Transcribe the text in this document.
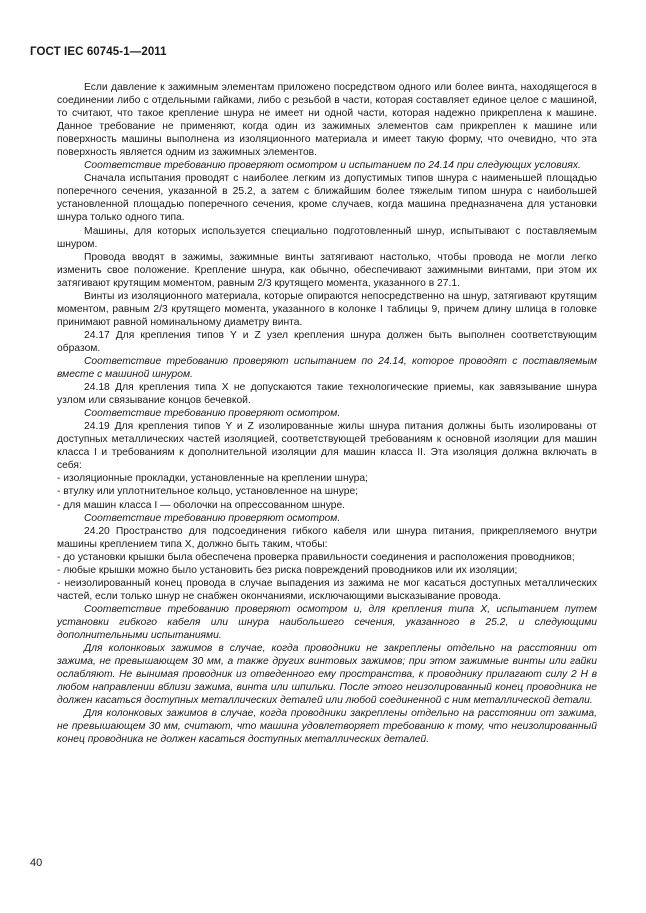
ГОСТ IEC 60745-1—2011

Если давление к зажимным элементам приложено посредством одного или более винта, находящегося в соединении либо с отдельными гайками, либо с резьбой в части, которая составляет единое целое с машиной, то считают, что такое крепление шнура не имеет ни одной части, которая надежно прикреплена к машине. Данное требование не применяют, когда один из зажимных элементов сам прикреплен к машине или поверхность машины выполнена из изоляционного материала и имеет такую форму, что очевидно, что эта поверхность является одним из зажимных элементов.

Соответствие требованию проверяют осмотром и испытанием по 24.14 при следующих условиях.

Сначала испытания проводят с наиболее легким из допустимых типов шнура с наименьшей площадью поперечного сечения, указанной в 25.2, а затем с ближайшим более тяжелым типом шнура с наибольшей установленной площадью поперечного сечения, кроме случаев, когда машина предназначена для установки шнура только одного типа.

Машины, для которых используется специально подготовленный шнур, испытывают с поставляемым шнуром.

Провода вводят в зажимы, зажимные винты затягивают настолько, чтобы провода не могли легко изменить свое положение. Крепление шнура, как обычно, обеспечивают зажимными винтами, при этом их затягивают крутящим моментом, равным 2/3 крутящего момента, указанного в 27.1.

Винты из изоляционного материала, которые опираются непосредственно на шнур, затягивают крутящим моментом, равным 2/3 крутящего момента, указанного в колонке I таблицы 9, причем длину шлица в головке принимают равной номинальному диаметру винта.

24.17 Для крепления типов Y и Z узел крепления шнура должен быть выполнен соответствующим образом.

Соответствие требованию проверяют испытанием по 24.14, которое проводят с поставляемым вместе с машиной шнуром.

24.18 Для крепления типа X не допускаются такие технологические приемы, как завязывание шнура узлом или связывание концов бечевкой.

Соответствие требованию проверяют осмотром.

24.19 Для крепления типов Y и Z изолированные жилы шнура питания должны быть изолированы от доступных металлических частей изоляцией, соответствующей требованиям к основной изоляции для машин класса I и требованиям к дополнительной изоляции для машин класса II. Эта изоляция должна включать в себя:

- изоляционные прокладки, установленные на креплении шнура;

- втулку или уплотнительное кольцо, установленное на шнуре;

- для машин класса I — оболочки на опрессованном шнуре.

Соответствие требованию проверяют осмотром.

24.20 Пространство для подсоединения гибкого кабеля или шнура питания, прикрепляемого внутри машины креплением типа X, должно быть таким, чтобы:

- до установки крышки была обеспечена проверка правильности соединения и расположения проводников;

- любые крышки можно было установить без риска повреждений проводников или их изоляции;

- неизолированный конец провода в случае выпадения из зажима не мог касаться доступных металлических частей, если только шнур не снабжен окончаниями, исключающими высказывание провода.

Соответствие требованию проверяют осмотром и, для крепления типа X, испытанием путем установки гибкого кабеля или шнура наибольшего сечения, указанного в 25.2, и следующими дополнительными испытаниями.

Для колонковых зажимов в случае, когда проводники не закреплены отдельно на расстоянии от зажима, не превышающем 30 мм, а также других винтовых зажимов; при этом зажимные винты или гайки ослабляют. Не вынимая проводник из отведенного ему пространства, к проводнику прилагают силу 2 Н в любом направлении вблизи зажима, винта или шпильки. После этого неизолированный конец проводника не должен касаться доступных металлических деталей или любой соединенной с ним металлической детали.

Для колонковых зажимов в случае, когда проводники закреплены отдельно на расстоянии от зажима, не превышающем 30 мм, считают, что машина удовлетворяет требованию к тому, что неизолированный конец проводника не должен касаться доступных металлических деталей.

40
